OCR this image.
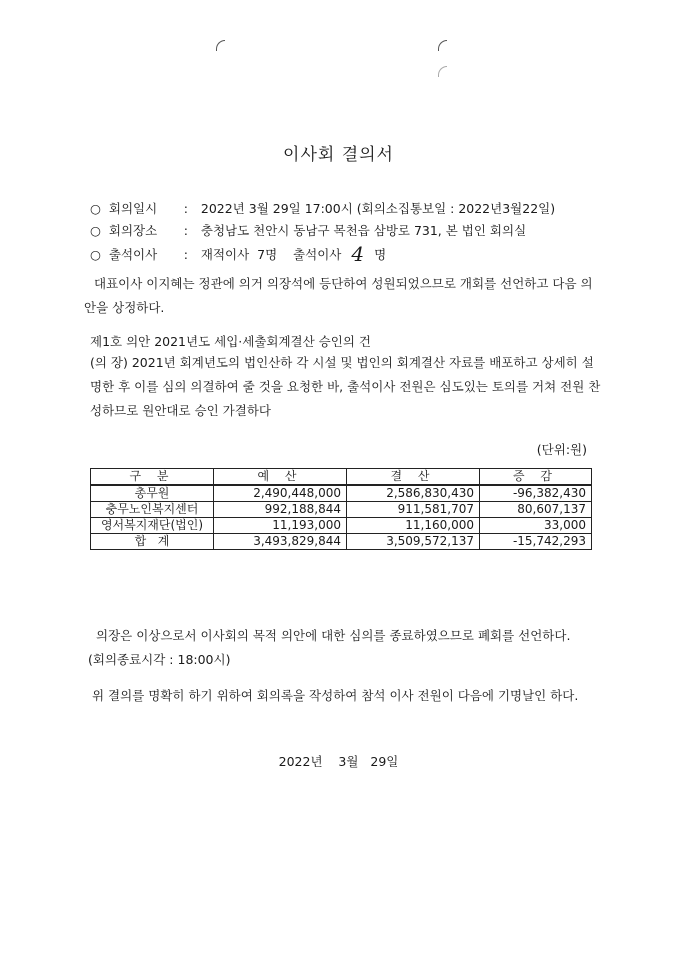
이사회 결의서
○ 회의일시 : 2022년 3월 29일 17:00시 (회의소집통보일 : 2022년3월22일)
○ 회의장소 : 충청남도 천안시 동남구 목천읍 삼방로 731, 본 법인 회의실
○ 출석이사 : 재적이사  7명    출석이사 4 명
대표이사 이지혜는 정관에 의거 의장석에 등단하여 성원되었으므로 개회를 선언하고 다음 의안을 상정하다.
제1호 의안 2021년도 세입·세출회계결산 승인의 건
(의 장) 2021년 회계년도의 법인산하 각 시설 및 법인의 회계결산 자료를 배포하고 상세히 설명한 후 이를 심의 의결하여 줄 것을 요청한 바, 출석이사 전원은 심도있는 토의를 거쳐 전원 찬성하므로 원안대로 승인 가결하다
(단위:원)
구 분	예 산	결 산	증 감
총무원	2,490,448,000	2,586,830,430	-96,382,430
충무노인복지센터	992,188,844	911,581,707	80,607,137
영서복지재단(법인)	11,193,000	11,160,000	33,000
합   계	3,493,829,844	3,509,572,137	-15,742,293
의장은 이상으로서 이사회의 목적 의안에 대한 심의를 종료하였으므로 폐회를 선언하다.  (회의종료시각 : 18:00시)
위 결의를 명확히 하기 위하여 회의록을 작성하여 참석 이사 전원이 다음에 기명날인 하다.
2022년    3월   29일
